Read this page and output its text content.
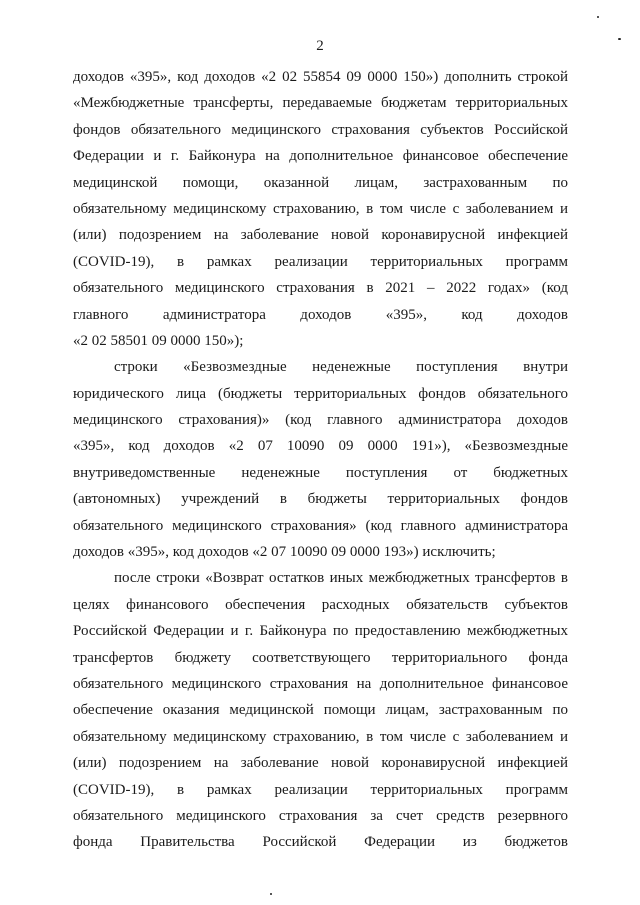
2
доходов «395», код доходов «2 02 55854 09 0000 150») дополнить строкой
«Межбюджетные трансферты, передаваемые бюджетам территориальных
фондов обязательного медицинского страхования субъектов Российской
Федерации и г. Байконура на дополнительное финансовое обеспечение
медицинской помощи, оказанной лицам, застрахованным по
обязательному медицинскому страхованию, в том числе с заболеванием и
(или) подозрением на заболевание новой коронавирусной инфекцией
(COVID-19), в рамках реализации территориальных программ
обязательного медицинского страхования в 2021 – 2022 годах» (код
главного администратора доходов «395», код доходов
«2 02 58501 09 0000 150»);
строки «Безвозмездные неденежные поступления внутри
юридического лица (бюджеты территориальных фондов обязательного
медицинского страхования)» (код главного администратора доходов
«395», код доходов «2 07 10090 09 0000 191»), «Безвозмездные
внутриведомственные неденежные поступления от бюджетных
(автономных) учреждений в бюджеты территориальных фондов
обязательного медицинского страхования» (код главного администратора
доходов «395», код доходов «2 07 10090 09 0000 193») исключить;
после строки «Возврат остатков иных межбюджетных трансфертов в
целях финансового обеспечения расходных обязательств субъектов
Российской Федерации и г. Байконура по предоставлению межбюджетных
трансфертов бюджету соответствующего территориального фонда
обязательного медицинского страхования на дополнительное финансовое
обеспечение оказания медицинской помощи лицам, застрахованным по
обязательному медицинскому страхованию, в том числе с заболеванием и
(или) подозрением на заболевание новой коронавирусной инфекцией
(COVID-19), в рамках реализации территориальных программ
обязательного медицинского страхования за счет средств резервного
фонда Правительства Российской Федерации из бюджетов
